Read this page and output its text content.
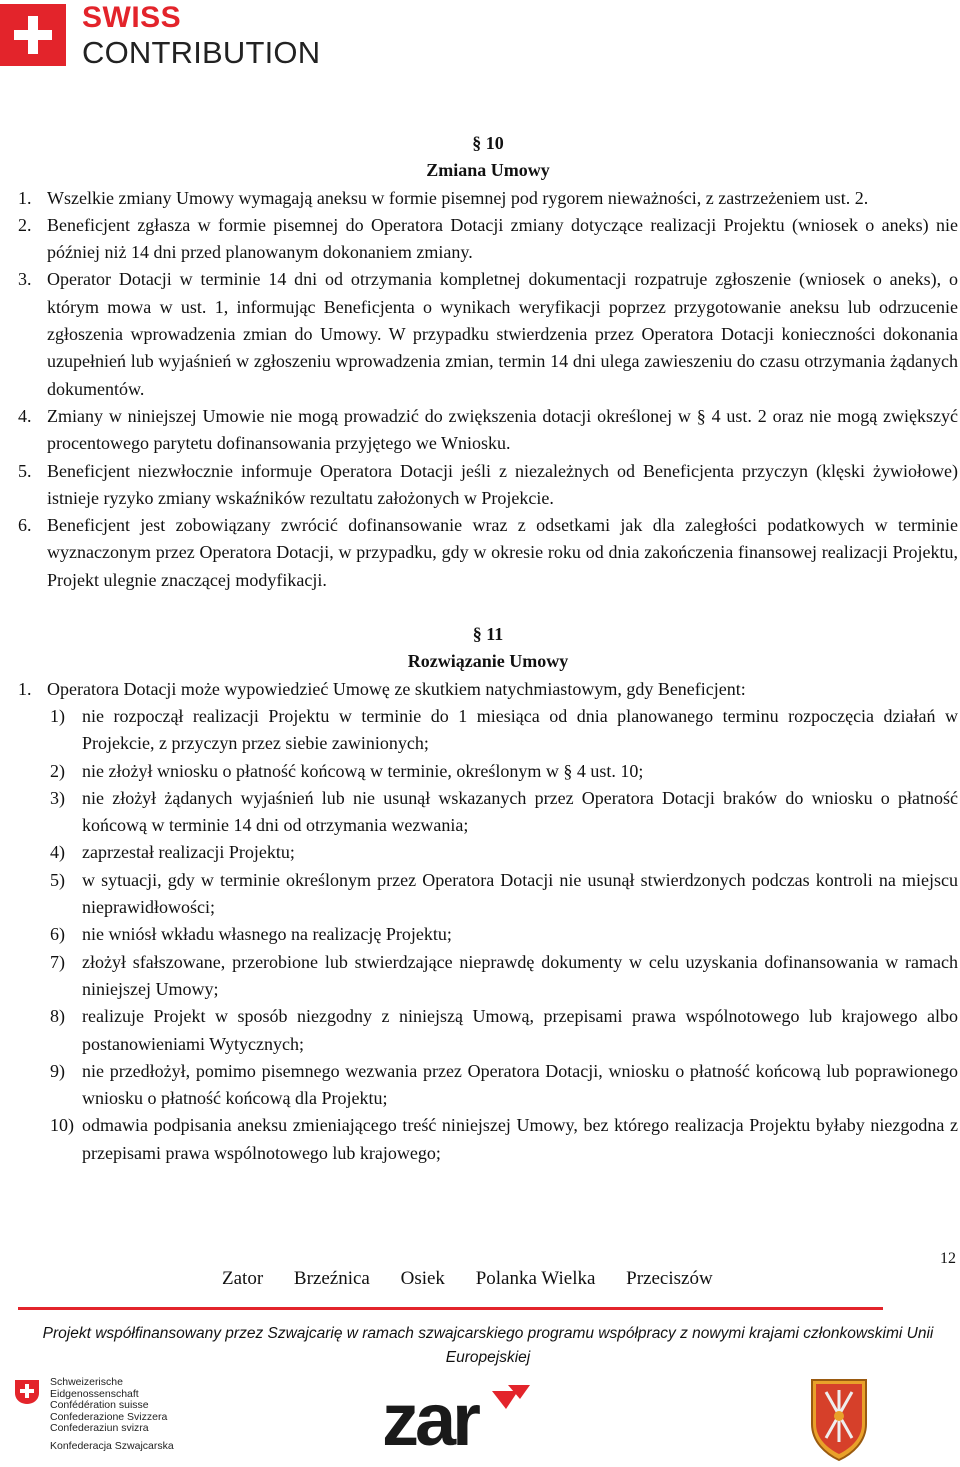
SWISS
CONTRIBUTION
§ 10
Zmiana Umowy
1. Wszelkie zmiany Umowy wymagają aneksu w formie pisemnej pod rygorem nieważności, z zastrzeżeniem ust. 2.
2. Beneficjent zgłasza w formie pisemnej do Operatora Dotacji zmiany dotyczące realizacji Projektu (wniosek o aneks) nie później niż 14 dni przed planowanym dokonaniem zmiany.
3. Operator Dotacji w terminie 14 dni od otrzymania kompletnej dokumentacji rozpatruje zgłoszenie (wniosek o aneks), o którym mowa w ust. 1, informując Beneficjenta o wynikach weryfikacji poprzez przygotowanie aneksu lub odrzucenie zgłoszenia wprowadzenia zmian do Umowy. W przypadku stwierdzenia przez Operatora Dotacji konieczności dokonania uzupełnień lub wyjaśnień w zgłoszeniu wprowadzenia zmian, termin 14 dni ulega zawieszeniu do czasu otrzymania żądanych dokumentów.
4. Zmiany w niniejszej Umowie nie mogą prowadzić do zwiększenia dotacji określonej w § 4 ust. 2 oraz nie mogą zwiększyć procentowego parytetu dofinansowania przyjętego we Wniosku.
5. Beneficjent niezwłocznie informuje Operatora Dotacji jeśli z niezależnych od Beneficjenta przyczyn (klęski żywiołowe) istnieje ryzyko zmiany wskaźników rezultatu założonych w Projekcie.
6. Beneficjent jest zobowiązany zwrócić dofinansowanie wraz z odsetkami jak dla zaległości podatkowych w terminie wyznaczonym przez Operatora Dotacji, w przypadku, gdy w okresie roku od dnia zakończenia finansowej realizacji Projektu, Projekt ulegnie znaczącej modyfikacji.
§ 11
Rozwiązanie Umowy
1. Operatora Dotacji może wypowiedzieć Umowę ze skutkiem natychmiastowym, gdy Beneficjent:
1) nie rozpoczął realizacji Projektu w terminie do 1 miesiąca od dnia planowanego terminu rozpoczęcia działań w Projekcie, z przyczyn przez siebie zawinionych;
2) nie złożył wniosku o płatność końcową w terminie, określonym w § 4 ust. 10;
3) nie złożył żądanych wyjaśnień lub nie usunął wskazanych przez Operatora Dotacji braków do wniosku o płatność końcową w terminie 14 dni od otrzymania wezwania;
4) zaprzestał realizacji Projektu;
5) w sytuacji, gdy w terminie określonym przez Operatora Dotacji nie usunął stwierdzonych podczas kontroli na miejscu nieprawidłowości;
6) nie wniósł wkładu własnego na realizację Projektu;
7) złożył sfałszowane, przerobione lub stwierdzające nieprawdę dokumenty w celu uzyskania dofinansowania w ramach niniejszej Umowy;
8) realizuje Projekt w sposób niezgodny z niniejszą Umową, przepisami prawa wspólnotowego lub krajowego albo postanowieniami Wytycznych;
9) nie przedłożył, pomimo pisemnego wezwania przez Operatora Dotacji, wniosku o płatność końcową lub poprawionego wniosku o płatność końcową dla Projektu;
10) odmawia podpisania aneksu zmieniającego treść niniejszej Umowy, bez którego realizacja Projektu byłaby niezgodna z przepisami prawa wspólnotowego lub krajowego;
12
Zator Brzeźnica Osiek Polanka Wielka Przeciszów
Projekt współfinansowany przez Szwajcarię w ramach szwajcarskiego programu współpracy z nowymi krajami członkowskimi Unii Europejskiej
Schweizerische Eidgenossenschaft
Confédération suisse
Confederazione Svizzera
Confederaziun svizra
Konfederacja Szwajcarska	zar
